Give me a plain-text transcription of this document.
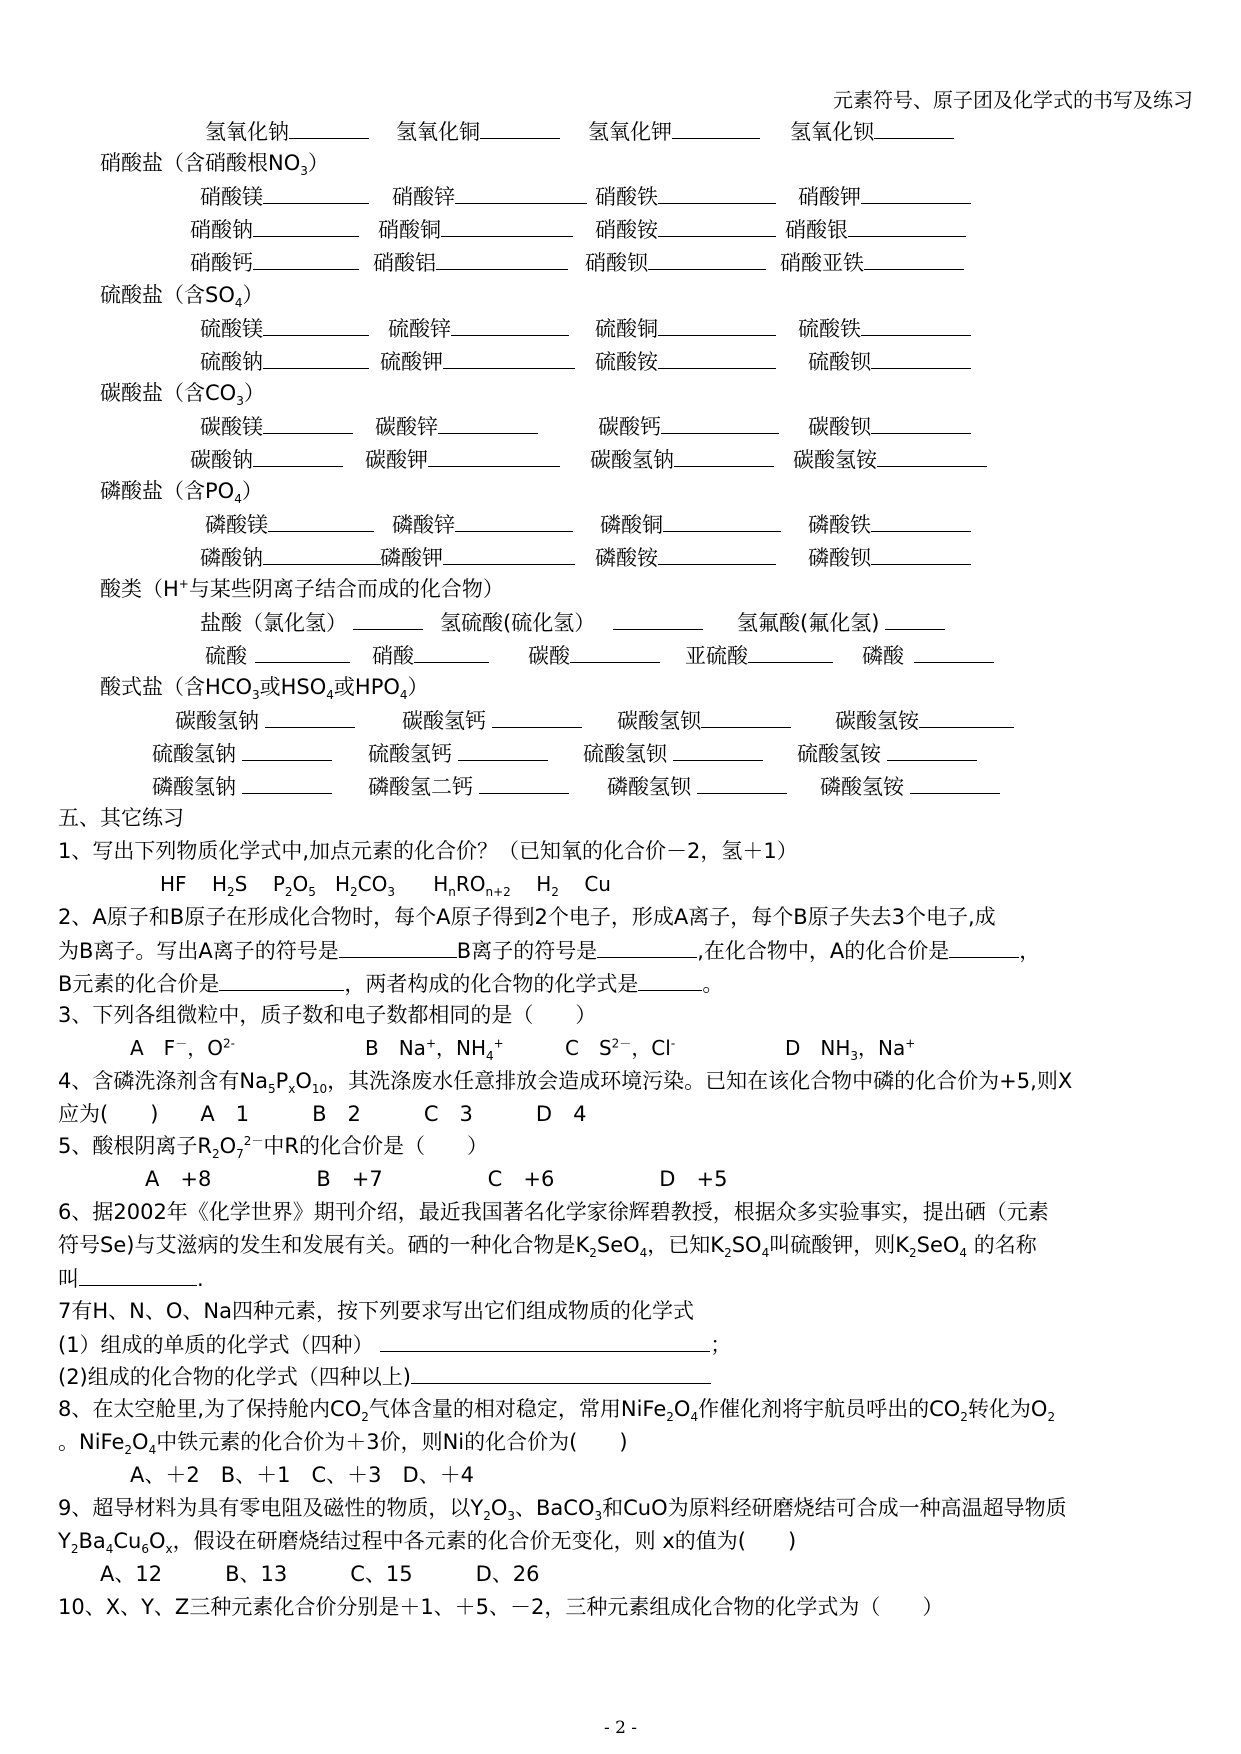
元素符号、原子团及化学式的书写及练习
氢氧化钠	氢氧化铜	氢氧化钾	氢氧化钡
硝酸盐（含硝酸根$NO_3$）
硝酸镁	硝酸锌	硝酸铁	硝酸钾
硝酸钠	硝酸铜	硝酸铵	硝酸银
硝酸钙	硝酸铝	硝酸钡	硝酸亚铁
硫酸盐（含$SO_4$）
硫酸镁	硫酸锌	硫酸铜	硫酸铁
硫酸钠	硫酸钾	硫酸铵	硫酸钡
碳酸盐（含$CO_3$）
碳酸镁	碳酸锌	碳酸钙	碳酸钡
碳酸钠	碳酸钾	碳酸氢钠	碳酸氢铵
磷酸盐（含$PO_4$）
磷酸镁	磷酸锌	磷酸铜	磷酸铁
磷酸钠	磷酸钾	磷酸铵	磷酸钡
酸类（H+与某些阴离子结合而成的化合物）
盐酸（氯化氢）	氢硫酸(硫化氢）	氢氟酸(氟化氢)
硫酸	硝酸	碳酸	亚硫酸	磷酸
酸式盐（含$HCO_3$或$HSO_4$或$HPO_4$）
碳酸氢钠	碳酸氢钙	碳酸氢钡	碳酸氢铵
硫酸氢钠	硫酸氢钙	硫酸氢钡	硫酸氢铵
磷酸氢钠	磷酸氢二钙	磷酸氢钡	磷酸氢铵
五、其它练习
1、写出下列物质化学式中,加点元素的化合价？（已知氧的化合价－2，氢＋1）
HF $H_2S$ $P_2O_5$ $H_2CO_3$ $H_nRO_{n+2}$ $H_2$ Cu
2、A原子和B原子在形成化合物时，每个A原子得到2个电子，形成A离子，每个B原子失去3个电子,成
为B离子。写出A离子的符号是	B离子的符号是	,在化合物中，A的化合价是	，
B元素的化合价是	，两者构成的化合物的化学式是	。
3、下列各组微粒中，质子数和电子数都相同的是（　　）
A　F－，$O^{2-}$	B　Na+，$NH_4^+$	C　$S^{2-}$，Cl-	D　$NH_3$，Na+
4、含磷洗涤剂含有$Na_5P_xO_{10}$，其洗涤废水任意排放会造成环境污染。已知在该化合物中磷的化合价为+5,则X
应为(　　)　　A　1　　　B　2　　　C　3　　　D　4
5、酸根阴离子$R_2O_7^{2-}$中R的化合价是（　　）
A　+8　　　　　B　+7　　　　　C　+6　　　　　D　+5
6、据2002年《化学世界》期刊介绍，最近我国著名化学家徐辉碧教授，根据众多实验事实，提出硒（元素
符号Se)与艾滋病的发生和发展有关。硒的一种化合物是$K_2SeO_4$，已知$K_2SO_4$叫硫酸钾，则$K_2SeO_4$ 的名称
叫	.
7有H、N、O、Na四种元素，按下列要求写出它们组成物质的化学式
(1）组成的单质的化学式（四种）	；
(2)组成的化合物的化学式（四种以上)
8、在太空舱里,为了保持舱内$CO_2$气体含量的相对稳定，常用$NiFe_2O_4$作催化剂将宇航员呼出的$CO_2$转化为$O_2$
。$NiFe_2O_4$中铁元素的化合价为＋3价，则Ni的化合价为(　　)
A、＋2　B、＋1　C、＋3　D、＋4
9、超导材料为具有零电阻及磁性的物质，以$Y_2O_3$、BaCO$_3$和CuO为原料经研磨烧结可合成一种高温超导物质
$Y_2Ba_4Cu_6O_x$，假设在研磨烧结过程中各元素的化合价无变化，则 x的值为(　　)
A、12　　　B、13　　　C、15　　　D、26
10、X、Y、Z三种元素化合价分别是＋1、＋5、－2，三种元素组成化合物的化学式为（　　）
- 2 -
